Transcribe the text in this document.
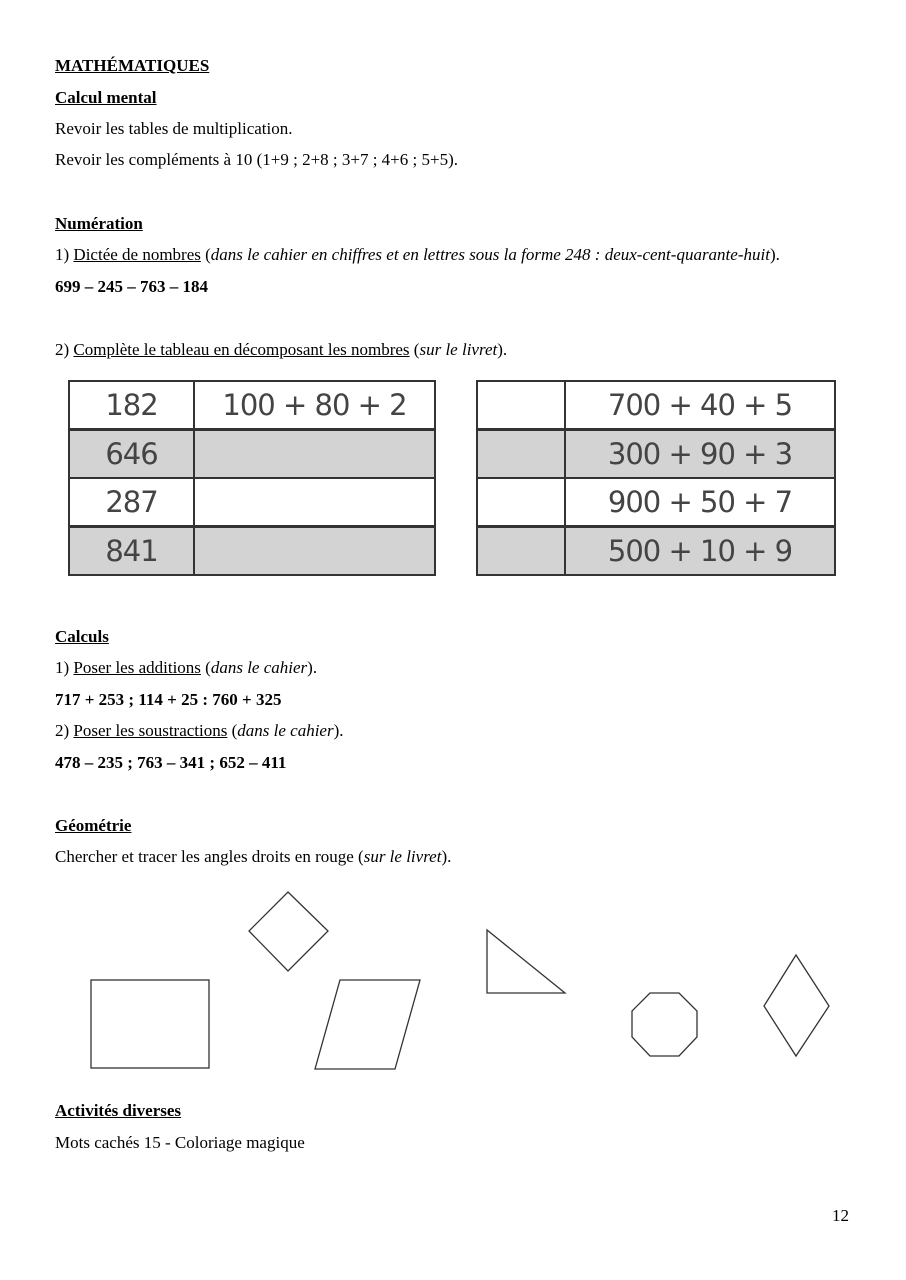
MATHÉMATIQUES
Calcul mental
Revoir les tables de multiplication.
Revoir les compléments à 10 (1+9 ; 2+8 ; 3+7 ; 4+6 ; 5+5).
Numération
1) Dictée de nombres (dans le cahier en chiffres et en lettres sous la forme 248 : deux-cent-quarante-huit).
699 – 245 – 763 – 184
2) Complète le tableau en décomposant les nombres (sur le livret).
182	100 + 80 + 2
646	
287	
841	
	700 + 40 + 5
	300 + 90 + 3
	900 + 50 + 7
	500 + 10 + 9
Calculs
1) Poser les additions (dans le cahier).
717 + 253 ; 114 + 25 : 760 + 325
2) Poser les soustractions (dans le cahier).
478 – 235 ; 763 – 341 ; 652 – 411
Géométrie
Chercher et tracer les angles droits en rouge (sur le livret).
Activités diverses
Mots cachés 15 - Coloriage magique
12
